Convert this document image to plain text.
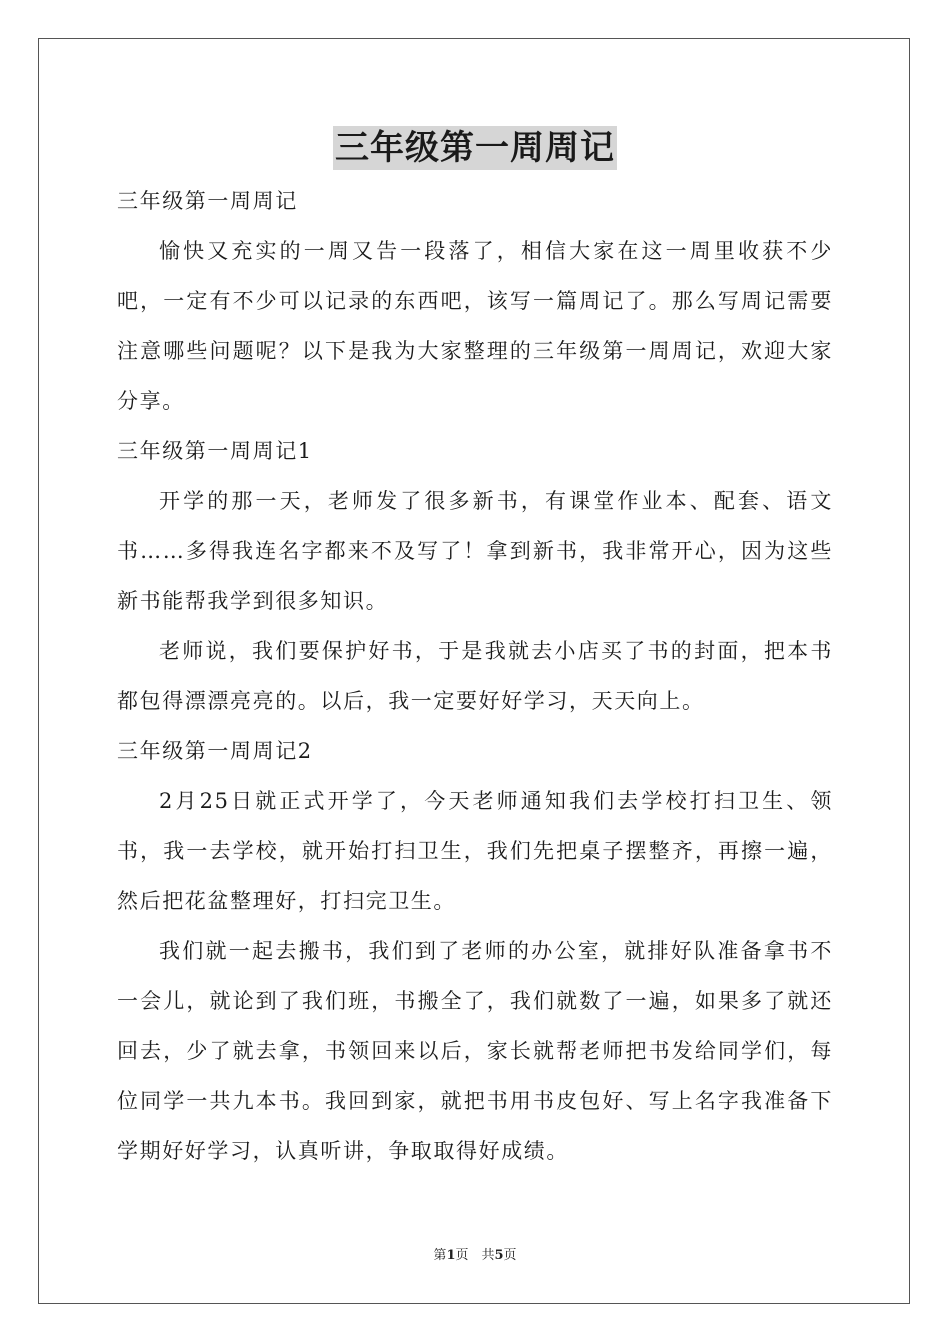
三年级第一周周记

三年级第一周周记

愉快又充实的一周又告一段落了，相信大家在这一周里收获不少吧，一定有不少可以记录的东西吧，该写一篇周记了。那么写周记需要注意哪些问题呢？以下是我为大家整理的三年级第一周周记，欢迎大家分享。

三年级第一周周记1

开学的那一天，老师发了很多新书，有课堂作业本、配套、语文书……多得我连名字都来不及写了！拿到新书，我非常开心，因为这些新书能帮我学到很多知识。

老师说，我们要保护好书，于是我就去小店买了书的封面，把本书都包得漂漂亮亮的。以后，我一定要好好学习，天天向上。

三年级第一周周记2

2月25日就正式开学了，今天老师通知我们去学校打扫卫生、领书，我一去学校，就开始打扫卫生，我们先把桌子摆整齐，再擦一遍，然后把花盆整理好，打扫完卫生。

我们就一起去搬书，我们到了老师的办公室，就排好队准备拿书不一会儿，就论到了我们班，书搬全了，我们就数了一遍，如果多了就还回去，少了就去拿，书领回来以后，家长就帮老师把书发给同学们，每位同学一共九本书。我回到家，就把书用书皮包好、写上名字我准备下学期好好学习，认真听讲，争取取得好成绩。

第1页　共5页
